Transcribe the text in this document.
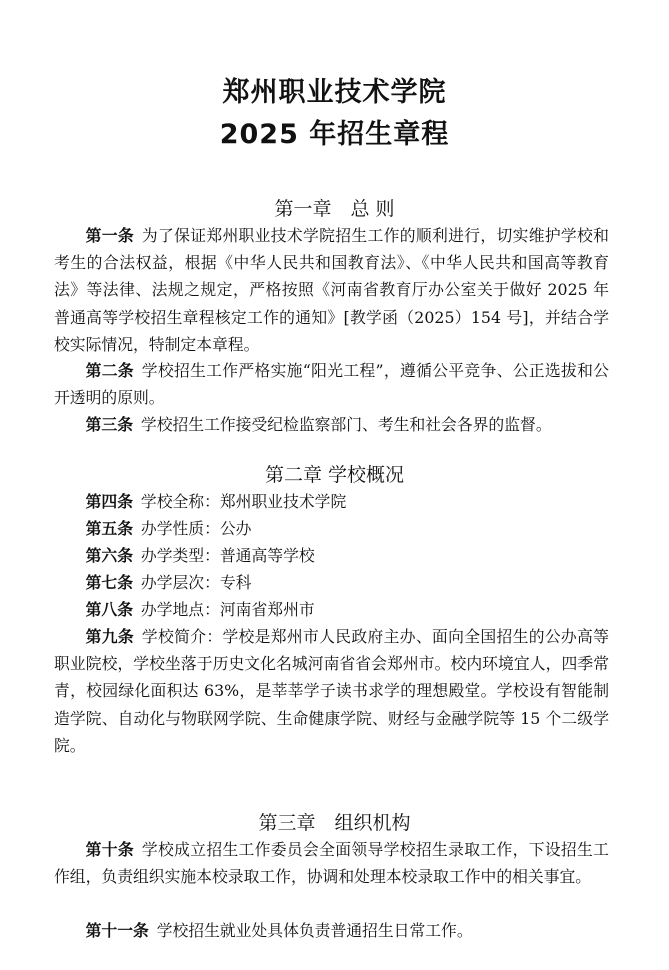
郑州职业技术学院
2025 年招生章程
第一章　总 则
第一条 为了保证郑州职业技术学院招生工作的顺利进行，切实维护学校和考生的合法权益，根据《中华人民共和国教育法》、《中华人民共和国高等教育法》等法律、法规之规定，严格按照《河南省教育厅办公室关于做好 2025 年普通高等学校招生章程核定工作的通知》[教学函（2025）154 号]，并结合学校实际情况，特制定本章程。
第二条 学校招生工作严格实施“阳光工程”，遵循公平竞争、公正选拔和公开透明的原则。
第三条 学校招生工作接受纪检监察部门、考生和社会各界的监督。
第二章 学校概况
第四条 学校全称：郑州职业技术学院
第五条 办学性质：公办
第六条 办学类型：普通高等学校
第七条 办学层次：专科
第八条 办学地点：河南省郑州市
第九条 学校简介：学校是郑州市人民政府主办、面向全国招生的公办高等职业院校，学校坐落于历史文化名城河南省省会郑州市。校内环境宜人，四季常青，校园绿化面积达 63%，是莘莘学子读书求学的理想殿堂。学校设有智能制造学院、自动化与物联网学院、生命健康学院、财经与金融学院等 15 个二级学院。
第三章　组织机构
第十条 学校成立招生工作委员会全面领导学校招生录取工作，下设招生工作组，负责组织实施本校录取工作，协调和处理本校录取工作中的相关事宜。
第十一条 学校招生就业处具体负责普通招生日常工作。
